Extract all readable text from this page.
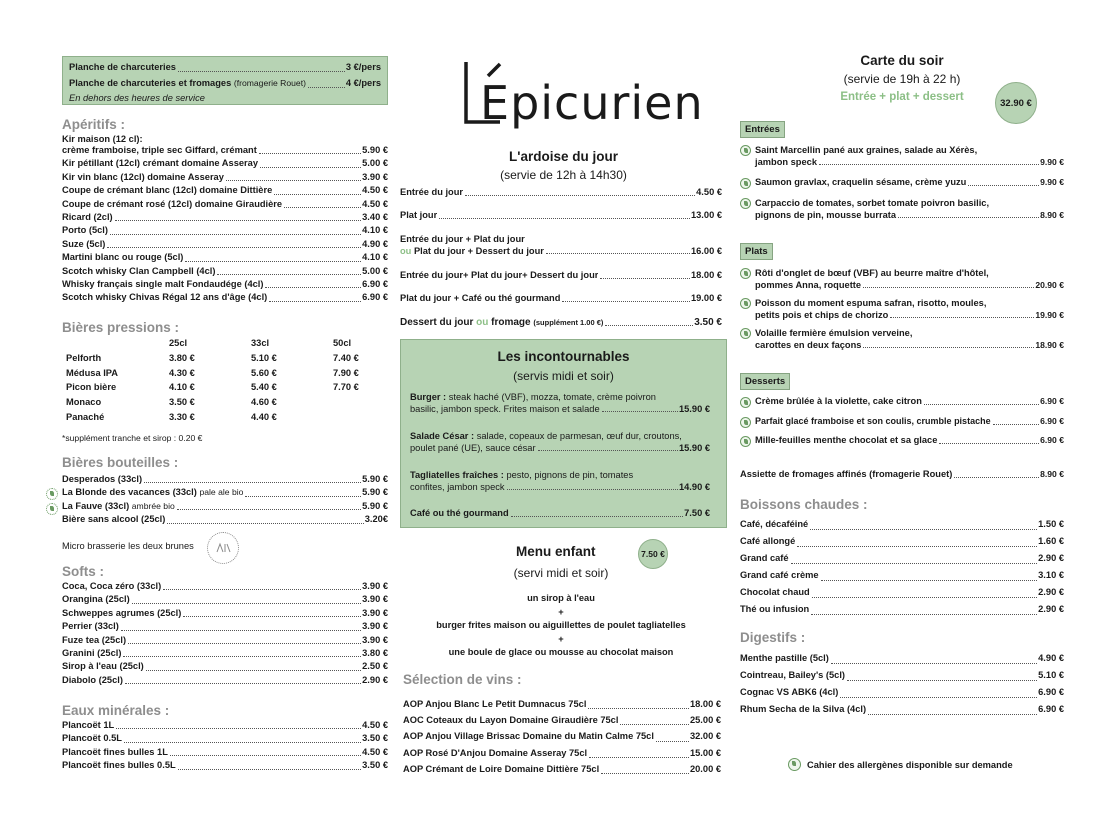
Planche de charcuteries	3 €/pers
Planche de charcuteries et fromages (fromagerie Rouet)	4 €/pers
En dehors des heures de service
Apéritifs :
Kir maison (12 cl):
crème framboise, triple sec Giffard, crémant	5.90 €
Kir pétillant (12cl) crémant domaine Asseray	5.00 €
Kir vin blanc (12cl) domaine Asseray	3.90 €
Coupe de crémant blanc (12cl) domaine Dittière	4.50 €
Coupe de crémant rosé (12cl) domaine Giraudière	4.50 €
Ricard (2cl)	3.40 €
Porto (5cl)	4.10 €
Suze (5cl)	4.90 €
Martini blanc ou rouge (5cl)	4.10 €
Scotch whisky Clan Campbell (4cl)	5.00 €
Whisky français single malt Fondaudége (4cl)	6.90 €
Scotch whisky Chivas Régal 12 ans d'âge (4cl)	6.90 €
Bières pressions :
	25cl	33cl	50cl
Pelforth	3.80 €	5.10 €	7.40 €
Médusa IPA	4.30 €	5.60 €	7.90 €
Picon bière	4.10 €	5.40 €	7.70 €
Monaco	3.50 €	4.60 €	
Panaché	3.30 €	4.40 €	
*supplément tranche et sirop : 0.20 €
Bières bouteilles :
Desperados (33cl)	5.90 €
La Blonde des vacances (33cl) pale ale bio	5.90 €
La Fauve (33cl) ambrée bio	5.90 €
Bière sans alcool (25cl)	3.20€
Micro brasserie les deux brunes
Softs :
Coca, Coca zéro (33cl)	3.90 €
Orangina (25cl)	3.90 €
Schweppes agrumes (25cl)	3.90 €
Perrier (33cl)	3.90 €
Fuze tea (25cl)	3.90 €
Granini (25cl)	3.80 €
Sirop à l'eau (25cl)	2.50 €
Diabolo (25cl)	2.90 €
Eaux minérales :
Plancoët 1L	4.50 €
Plancoët 0.5L	3.50 €
Plancoët fines bulles 1L	4.50 €
Plancoët fines bulles 0.5L	3.50 €
Epicurien
L'ardoise du jour
(servie de 12h à 14h30)
Entrée du jour	4.50 €
Plat jour	13.00 €
Entrée du jour + Plat du jour
ou Plat du jour + Dessert du jour	16.00 €
Entrée du jour+ Plat du jour+ Dessert du jour	18.00 €
Plat du jour + Café ou thé gourmand	19.00 €
Dessert du jour ou fromage (supplément 1.00 €)	3.50 €
Les incontournables
(servis midi et soir)
Burger : steak haché (VBF), mozza, tomate, crème poivron
basilic, jambon speck. Frites maison et salade	15.90 €
Salade César : salade, copeaux de parmesan, œuf dur, croutons,
poulet pané (UE), sauce césar	15.90 €
Tagliatelles fraîches : pesto, pignons de pin, tomates
confites, jambon speck	14.90 €
Café ou thé gourmand	7.50 €
Menu enfant	7.50 €
(servi midi et soir)
un sirop à l'eau
+
burger frites maison ou aiguillettes de poulet tagliatelles
+
une boule de glace ou mousse au chocolat maison
Sélection de vins :
AOP Anjou Blanc Le Petit Dumnacus 75cl	18.00 €
AOC Coteaux du Layon Domaine Giraudière 75cl	25.00 €
AOP Anjou Village Brissac Domaine du Matin Calme 75cl	32.00 €
AOP Rosé D'Anjou Domaine Asseray 75cl	15.00 €
AOP Crémant de Loire Domaine Dittière 75cl	20.00 €
Carte du soir
(servie de 19h à 22 h)
Entrée + plat + dessert	32.90 €
Entrées
Saint Marcellin pané aux graines, salade au Xérès,
jambon speck	9.90 €
Saumon gravlax, craquelin sésame, crème yuzu	9.90 €
Carpaccio de tomates, sorbet tomate poivron basilic,
pignons de pin, mousse burrata	8.90 €
Plats
Rôti d'onglet de bœuf (VBF) au beurre maître d'hôtel,
pommes Anna, roquette	20.90 €
Poisson du moment espuma safran, risotto, moules,
petits pois et chips de chorizo	19.90 €
Volaille fermière émulsion verveine,
carottes en deux façons	18.90 €
Desserts
Crème brûlée à la violette, cake citron	6.90 €
Parfait glacé framboise et son coulis, crumble pistache	6.90 €
Mille-feuilles menthe chocolat et sa glace	6.90 €
Assiette de fromages affinés (fromagerie Rouet)	8.90 €
Boissons chaudes :
Café, décaféiné	1.50 €
Café allongé	1.60 €
Grand café	2.90 €
Grand café crème	3.10 €
Chocolat chaud	2.90 €
Thé ou infusion	2.90 €
Digestifs :
Menthe pastille (5cl)	4.90 €
Cointreau, Bailey's (5cl)	5.10 €
Cognac VS ABK6 (4cl)	6.90 €
Rhum Secha de la Silva (4cl)	6.90 €
Cahier des allergènes disponible sur demande
